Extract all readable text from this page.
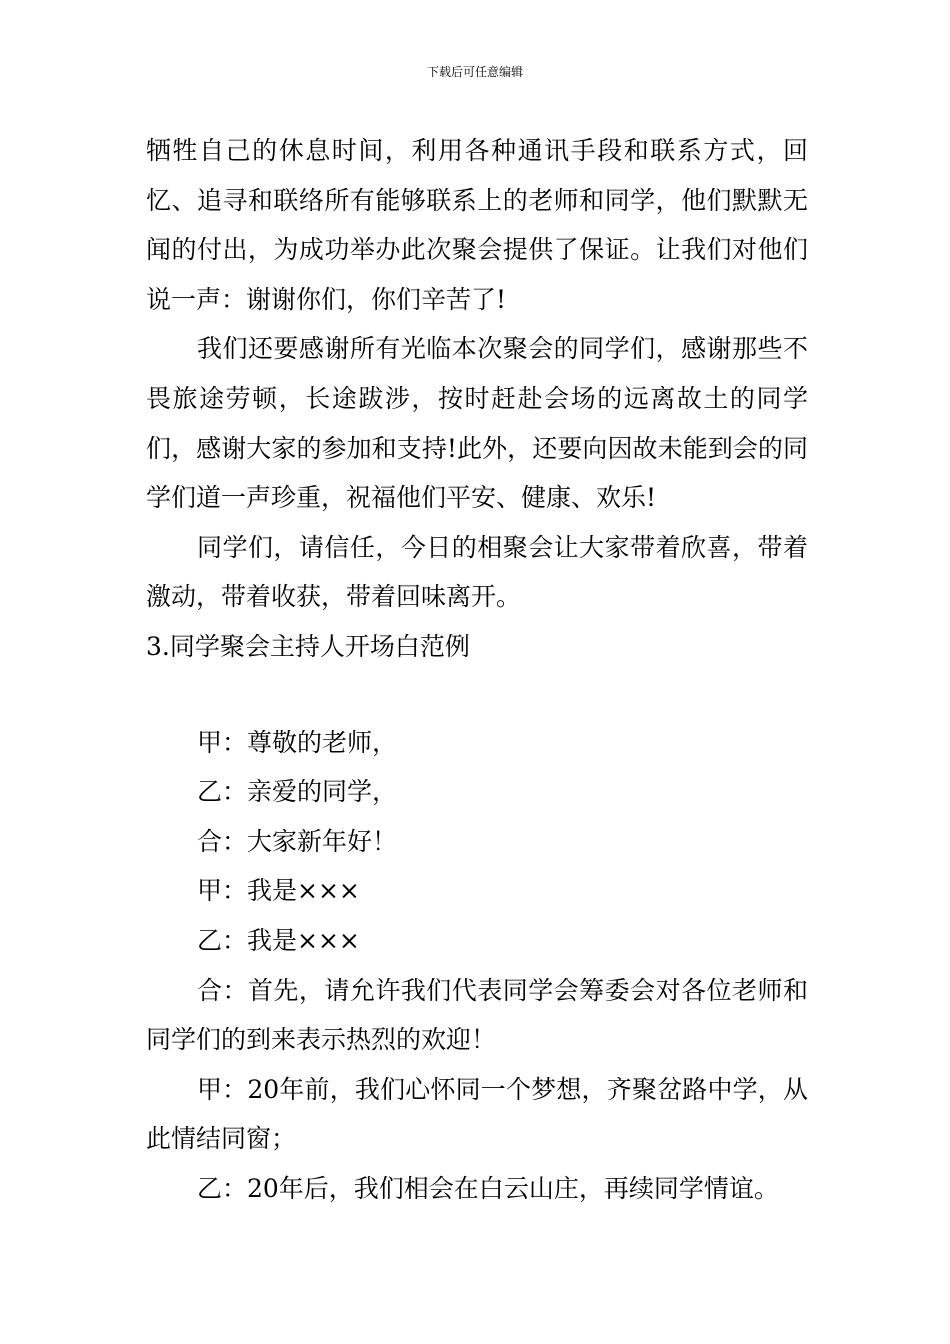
下载后可任意编辑

牺牲自己的休息时间，利用各种通讯手段和联系方式，回忆、追寻和联络所有能够联系上的老师和同学，他们默默无闻的付出，为成功举办此次聚会提供了保证。让我们对他们说一声：谢谢你们，你们辛苦了!

我们还要感谢所有光临本次聚会的同学们，感谢那些不畏旅途劳顿，长途跋涉，按时赶赴会场的远离故土的同学们，感谢大家的参加和支持!此外，还要向因故未能到会的同学们道一声珍重，祝福他们平安、健康、欢乐!

同学们，请信任，今日的相聚会让大家带着欣喜，带着激动，带着收获，带着回味离开。

3.同学聚会主持人开场白范例

甲：尊敬的老师，

乙：亲爱的同学，

合：大家新年好！

甲：我是×××

乙：我是×××

合：首先，请允许我们代表同学会筹委会对各位老师和同学们的到来表示热烈的欢迎！

甲：20年前，我们心怀同一个梦想，齐聚岔路中学，从此情结同窗；

乙：20年后，我们相会在白云山庄，再续同学情谊。
